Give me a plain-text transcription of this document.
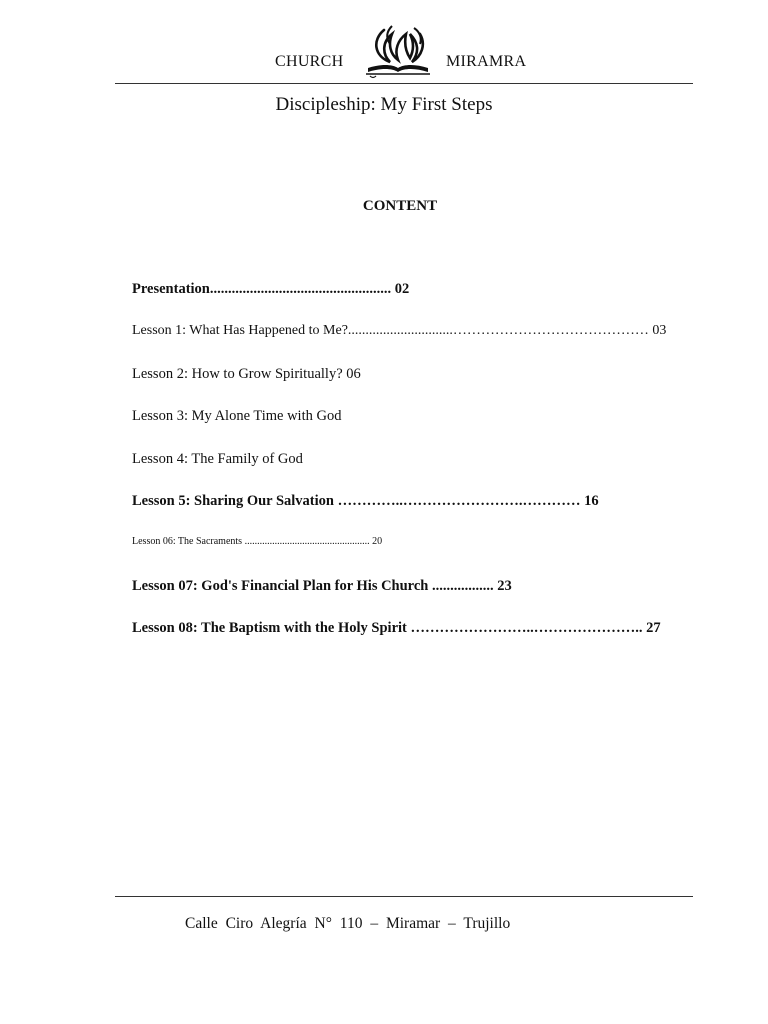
CHURCH	MIRAMRA
Discipleship: My First Steps
CONTENT
Presentation.................................................. 02
Lesson 1: What Has Happened to Me?..............................…………………………………… 03
Lesson 2: How to Grow Spiritually? 06
Lesson 3: My Alone Time with God
Lesson 4: The Family of God
Lesson 5: Sharing Our Salvation …………..…………………….………… 16
Lesson 06: The Sacraments .................................................. 20
Lesson 07: God's Financial Plan for His Church ................. 23
Lesson 08: The Baptism with the Holy Spirit ……………………..………………….. 27
Calle Ciro Alegría N° 110 – Miramar – Trujillo
